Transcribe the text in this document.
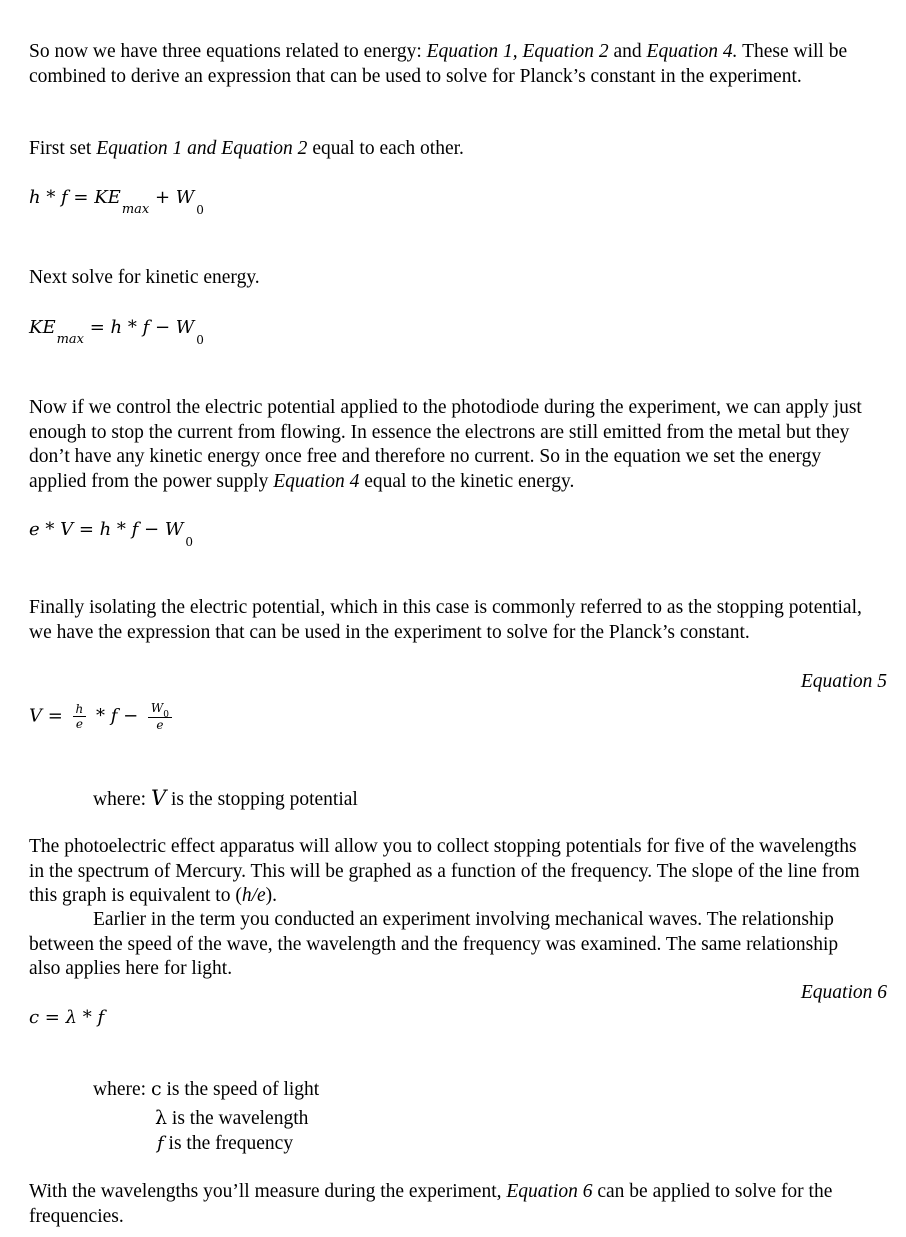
So now we have three equations related to energy: Equation 1, Equation 2 and Equation 4. These will be combined to derive an expression that can be used to solve for Planck’s constant in the experiment.
First set Equation 1 and Equation 2 equal to each other.
$h * f = KE_{max} + W_0$
Next solve for kinetic energy.
$KE_{max} = h * f - W_0$
Now if we control the electric potential applied to the photodiode during the experiment, we can apply just enough to stop the current from flowing. In essence the electrons are still emitted from the metal but they don’t have any kinetic energy once free and therefore no current. So in the equation we set the energy applied from the power supply Equation 4 equal to the kinetic energy.
$e * V = h * f - W_0$
Finally isolating the electric potential, which in this case is commonly referred to as the stopping potential, we have the expression that can be used in the experiment to solve for the Planck’s constant.
Equation 5
$V = \frac{h}{e} * f - \frac{W_0}{e}$
where: V is the stopping potential
The photoelectric effect apparatus will allow you to collect stopping potentials for five of the wavelengths in the spectrum of Mercury. This will be graphed as a function of the frequency. The slope of the line from this graph is equivalent to (h/e).
Earlier in the term you conducted an experiment involving mechanical waves. The relationship between the speed of the wave, the wavelength and the frequency was examined. The same relationship also applies here for light.
Equation 6
c = λ * f
where: c is the speed of light
λ is the wavelength
f is the frequency
With the wavelengths you’ll measure during the experiment, Equation 6 can be applied to solve for the frequencies.
